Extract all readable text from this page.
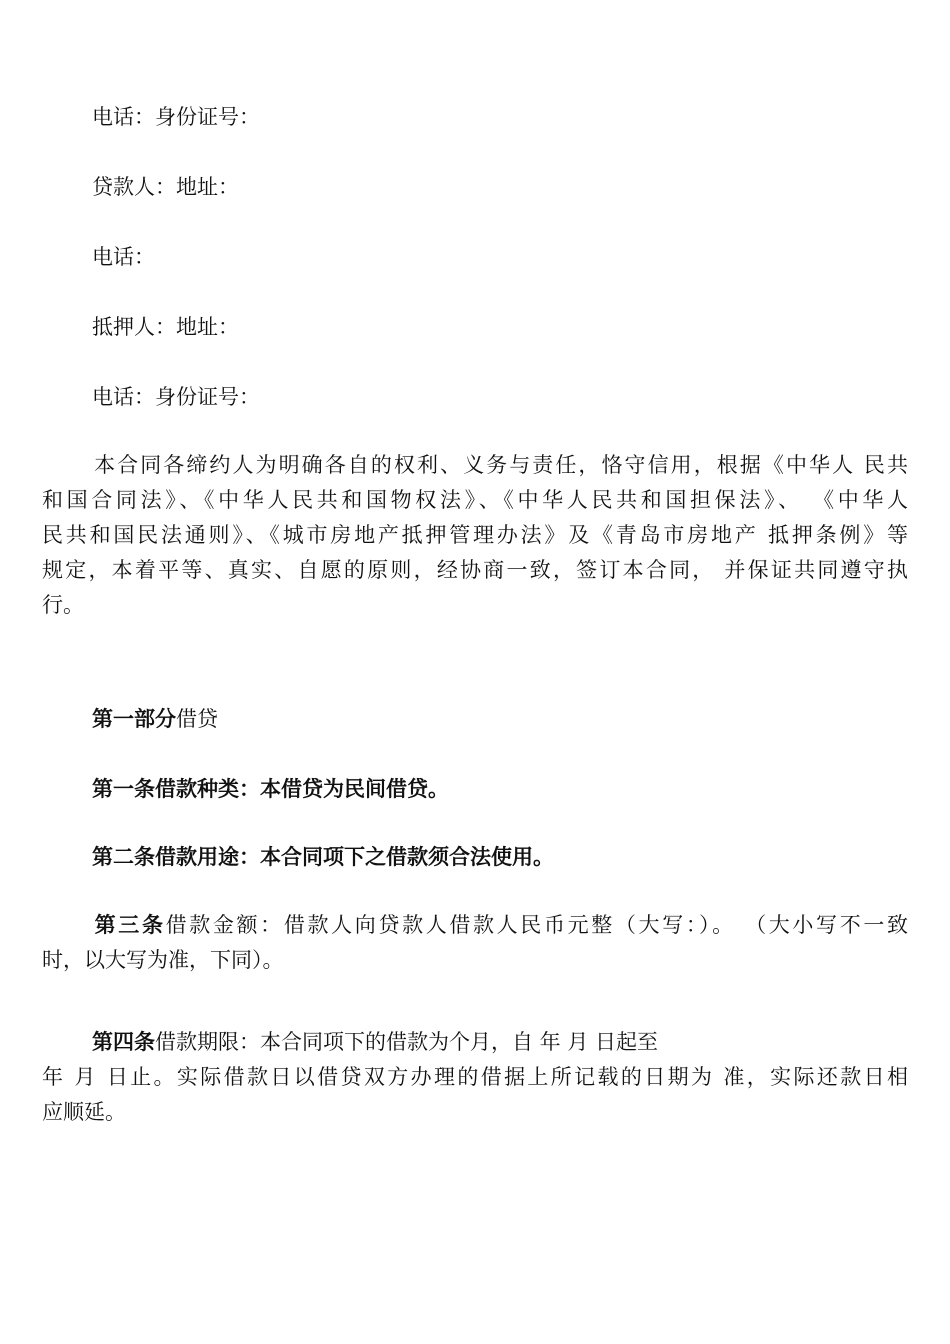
电话：身份证号：
贷款人：地址：
电话：
抵押人：地址：
电话：身份证号：
本合同各缔约人为明确各自的权利、义务与责任，恪守信用，根据《中华人 民共
和国合同法》、《中华人民共和国物权法》、《中华人民共和国担保法》、 《中华人
民共和国民法通则》、《城市房地产抵押管理办法》及《青岛市房地产 抵押条例》等
规定，本着平等、真实、自愿的原则，经协商一致，签订本合同， 并保证共同遵守执
行。
第一部分借贷
第一条借款种类：本借贷为民间借贷。
第二条借款用途：本合同项下之借款须合法使用。
第三条借款金额：借款人向贷款人借款人民币元整（大写：）。 （大小写不一致
时，以大写为准，下同）。
第四条借款期限：本合同项下的借款为个月，自 年 月 日起至
年 月 日止。实际借款日以借贷双方办理的借据上所记载的日期为 准，实际还款日相
应顺延。
